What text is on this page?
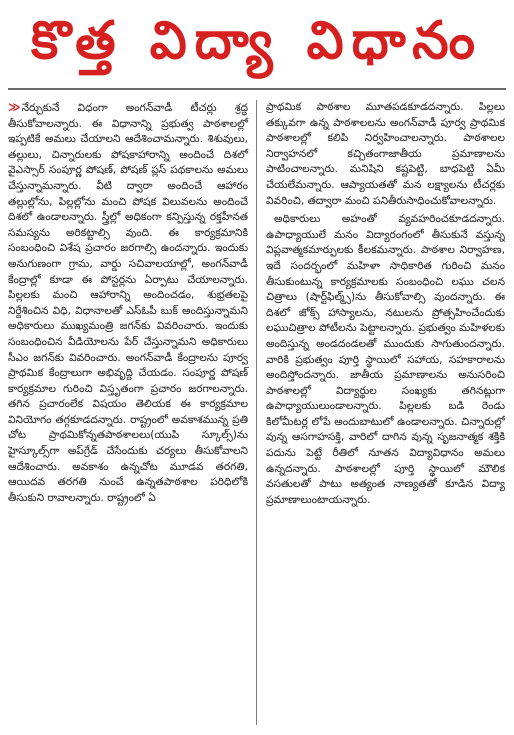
కొత్త విద్యా విధానం

≫ నేర్చుకునే విధంగా అంగన్‌వాడీ టీచర్లు శ్రద్ధ తీసుకోవాలన్నారు. ఈ విధానాన్ని ప్రభుత్వ పాఠశాలల్లో ఇప్పటికే అమలు చేయాలని ఆదేశించామన్నారు. శిశువులు, తల్లులు, చిన్నారులకు పోషకాహారాన్ని అందించే దిశలో వైఎస్సార్ సంపూర్ణ పోషణ్, పోషణ్ ప్లస్ పథకాలను అమలు చేస్తున్నామన్నారు. వీటి ద్వారా అందించే ఆహారం తల్లుల్లోను, పిల్లల్లోను మంచి పోషక విలువలను అందించే దిశలో ఉండాలన్నారు. స్త్రీల్లో అధికంగా కన్పిస్తున్న రక్తహీనత సమస్యను అరికట్టాల్సి వుంది. ఈ కార్యక్రమానికి సంబంధించి విశేష ప్రచారం జరగాల్సి ఉందన్నారు. ఇందుకు అనుగుణంగా గ్రామ, వార్డు సచివాలయాల్లో, అంగన్‌వాడీ కేంద్రాల్లో కూడా ఈ పోస్టర్లను ఏర్పాటు చేయాలన్నారు. పిల్లలకు మంచి ఆహారాన్ని అందించడం, శుభ్రతలపై నిర్దేశించిన విధి, విధానాలతో ఎస్‌ఓపీ బుక్ అందిస్తున్నామని అధికారులు ముఖ్యమంత్రి జగన్‌కు వివరించారు. ఇందుకు సంబంధించిన వీడియోలను పేర్ చేస్తున్నామని అధికారులు సీఎం జగన్‌కు వివరించారు. అంగన్‌వాడీ కేంద్రాలను పూర్వ ప్రాథమిక కేంద్రాలుగా అభివృద్ది చేయడం. సంపూర్ణ పోషణ్ కార్యక్రమాల గురించి విస్తృతంగా ప్రచారం జరగాలన్నారు. తగిన ప్రచారంలేక విషయం తెలియక ఈ కార్యక్రమాల వినియోగం తగ్గకూడదన్నారు. రాష్ట్రంలో అవకాశమున్న ప్రతి చోట ప్రాథమికోన్నతపాఠశాలలు(యుపి స్కూల్స్)ను హైస్కూల్స్‌గా అప్‌గ్రేడ్ చేసేందుకు చర్యలు తీసుకోవాలని ఆదేశించారు. అవకాశం ఉన్నచోట మూడవ తరగతి, ఆయిదవ తరగతి నుంచే ఉన్నతపాఠశాల పరిధిలోకి తీసుకుని రావాలన్నారు. రాష్ట్రంలో ఏ

ప్రాథమిక పాఠశాల మూతపడకూడదన్నారు. పిల్లలు తక్కువగా ఉన్న పాఠశాలలను అంగన్‌వాడీ పూర్వ ప్రాథమిక పాఠశాలల్లో కలిపి నిర్వహించాలన్నారు. పాఠశాలల నిర్వాహనలో కచ్చితంగాజాతీయ ప్రమాణాలను పాటించాలన్నారు. మనిషిని కష్టపెట్టి, బాధపెట్టి ఏమీ చేయలేమన్నారు. ఆప్యాయతతో మన లక్ష్యాలను టీచర్లకు వివరించి, తద్వారా మంచి పనితీరుసాధించుకోవాలన్నారు.

అధికారులు అహంతో వ్యవహరించకూడదన్నారు. ఉపాధ్యాయులే మనం విద్యారంగంలో తీసుకునే వస్తున్న విప్లవాత్మకమార్పులకు కీలకమన్నారు. పాఠశాల నిర్వాహణ, ఇదే సందర్భంలో మహిళా సాధికారిత గురించి మనం తీసుకుంటున్న కార్యక్రమాలకు సంబంధించి లఘు చలన చిత్రాలు (షార్ట్‌ఫిల్మ్స్)ను తీసుకోవాల్సి వుందన్నారు. ఈ దిశలో జోక్స్ హాస్యాలను, నటులను ప్రోత్సహించేందుకు లఘుచిత్రాల పోటీలను పెట్టాలన్నారు. ప్రభుత్వం మహిళలకు అందిస్తున్న అండదండలతో ముందుకు సాగుతుందన్నారు. వారికి ప్రభుత్వం పూర్తి స్థాయిలో సహాయ, సహకారాలను అందిస్తోందన్నారు. జాతీయ ప్రమాణాలను అనుసరించి పాఠశాలల్లో విద్యార్థుల సంఖ్యకు తగినట్లుగా ఉపాధ్యాయులుండాలన్నారు. పిల్లలకు బడి రెండు కిలోమీటర్ల లోపే అందుబాటులో ఉండాలన్నారు. చిన్నారుల్లో వున్న ఆసగాహసక్తి, వారిలో దాగిన వున్న సృజనాత్మక శక్తికి పదును పెట్టే రీతిలో నూతన విద్యావిధానం అమలు ఉన్నదన్నారు. పాఠశాలల్లో పూర్తి స్థాయిలో మౌలిక వసతులతో పాటు అత్యంత నాణ్యతతో కూడిన విద్యా ప్రమాణాలుంటాయన్నారు.
